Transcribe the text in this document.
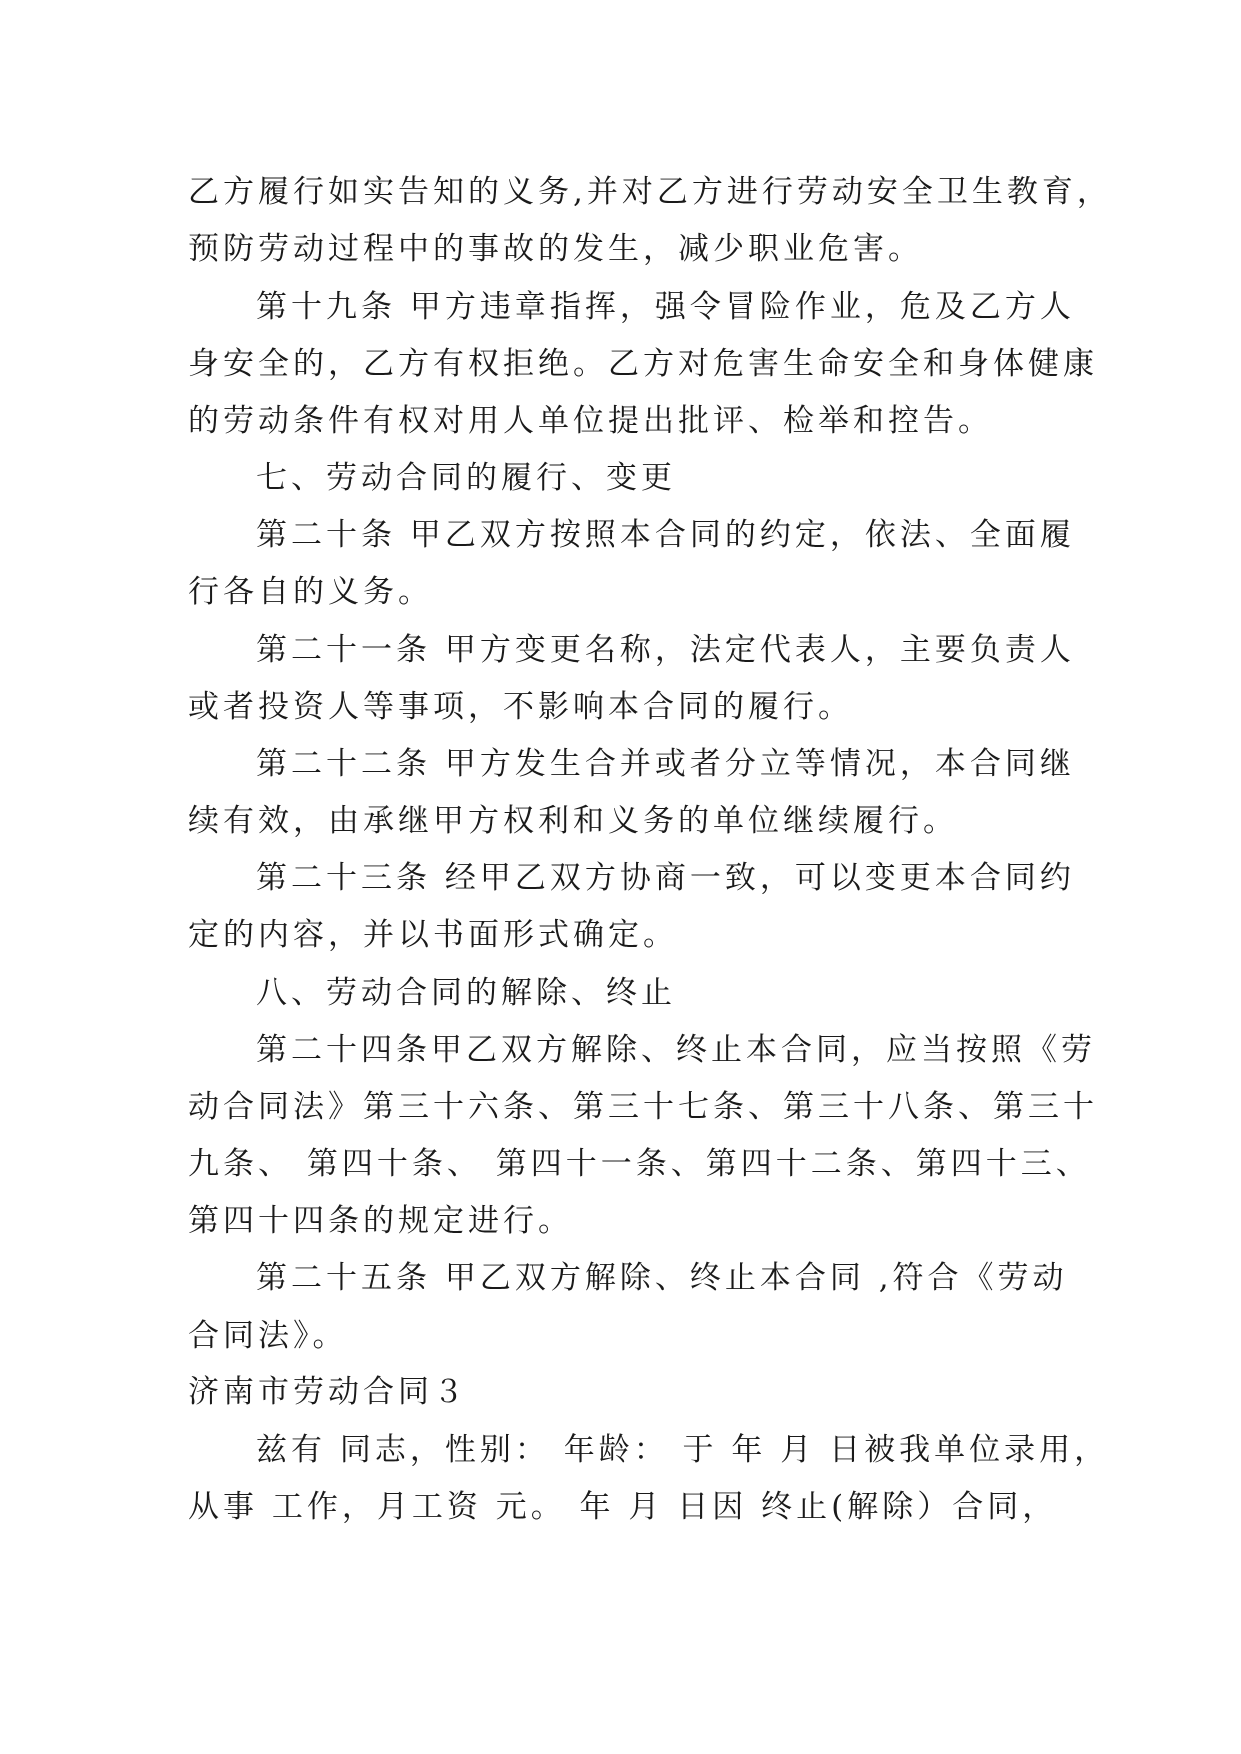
乙方履行如实告知的义务,并对乙方进行劳动安全卫生教育，
预防劳动过程中的事故的发生，减少职业危害。
第十九条 甲方违章指挥，强令冒险作业，危及乙方人
身安全的，乙方有权拒绝。乙方对危害生命安全和身体健康
的劳动条件有权对用人单位提出批评、检举和控告。
七、劳动合同的履行、变更
第二十条 甲乙双方按照本合同的约定，依法、全面履
行各自的义务。
第二十一条 甲方变更名称，法定代表人，主要负责人
或者投资人等事项，不影响本合同的履行。
第二十二条 甲方发生合并或者分立等情况，本合同继
续有效，由承继甲方权利和义务的单位继续履行。
第二十三条 经甲乙双方协商一致，可以变更本合同约
定的内容，并以书面形式确定。
八、劳动合同的解除、终止
第二十四条甲乙双方解除、终止本合同，应当按照《劳
动合同法》第三十六条、第三十七条、第三十八条、第三十
九条、 第四十条、 第四十一条、第四十二条、第四十三、
第四十四条的规定进行。
第二十五条 甲乙双方解除、终止本合同 ,符合《劳动
合同法》。
济南市劳动合同３
兹有 同志，性别： 年龄： 于 年 月 日被我单位录用，
从事 工作，月工资 元。 年 月 日因 终止(解除）合同，
